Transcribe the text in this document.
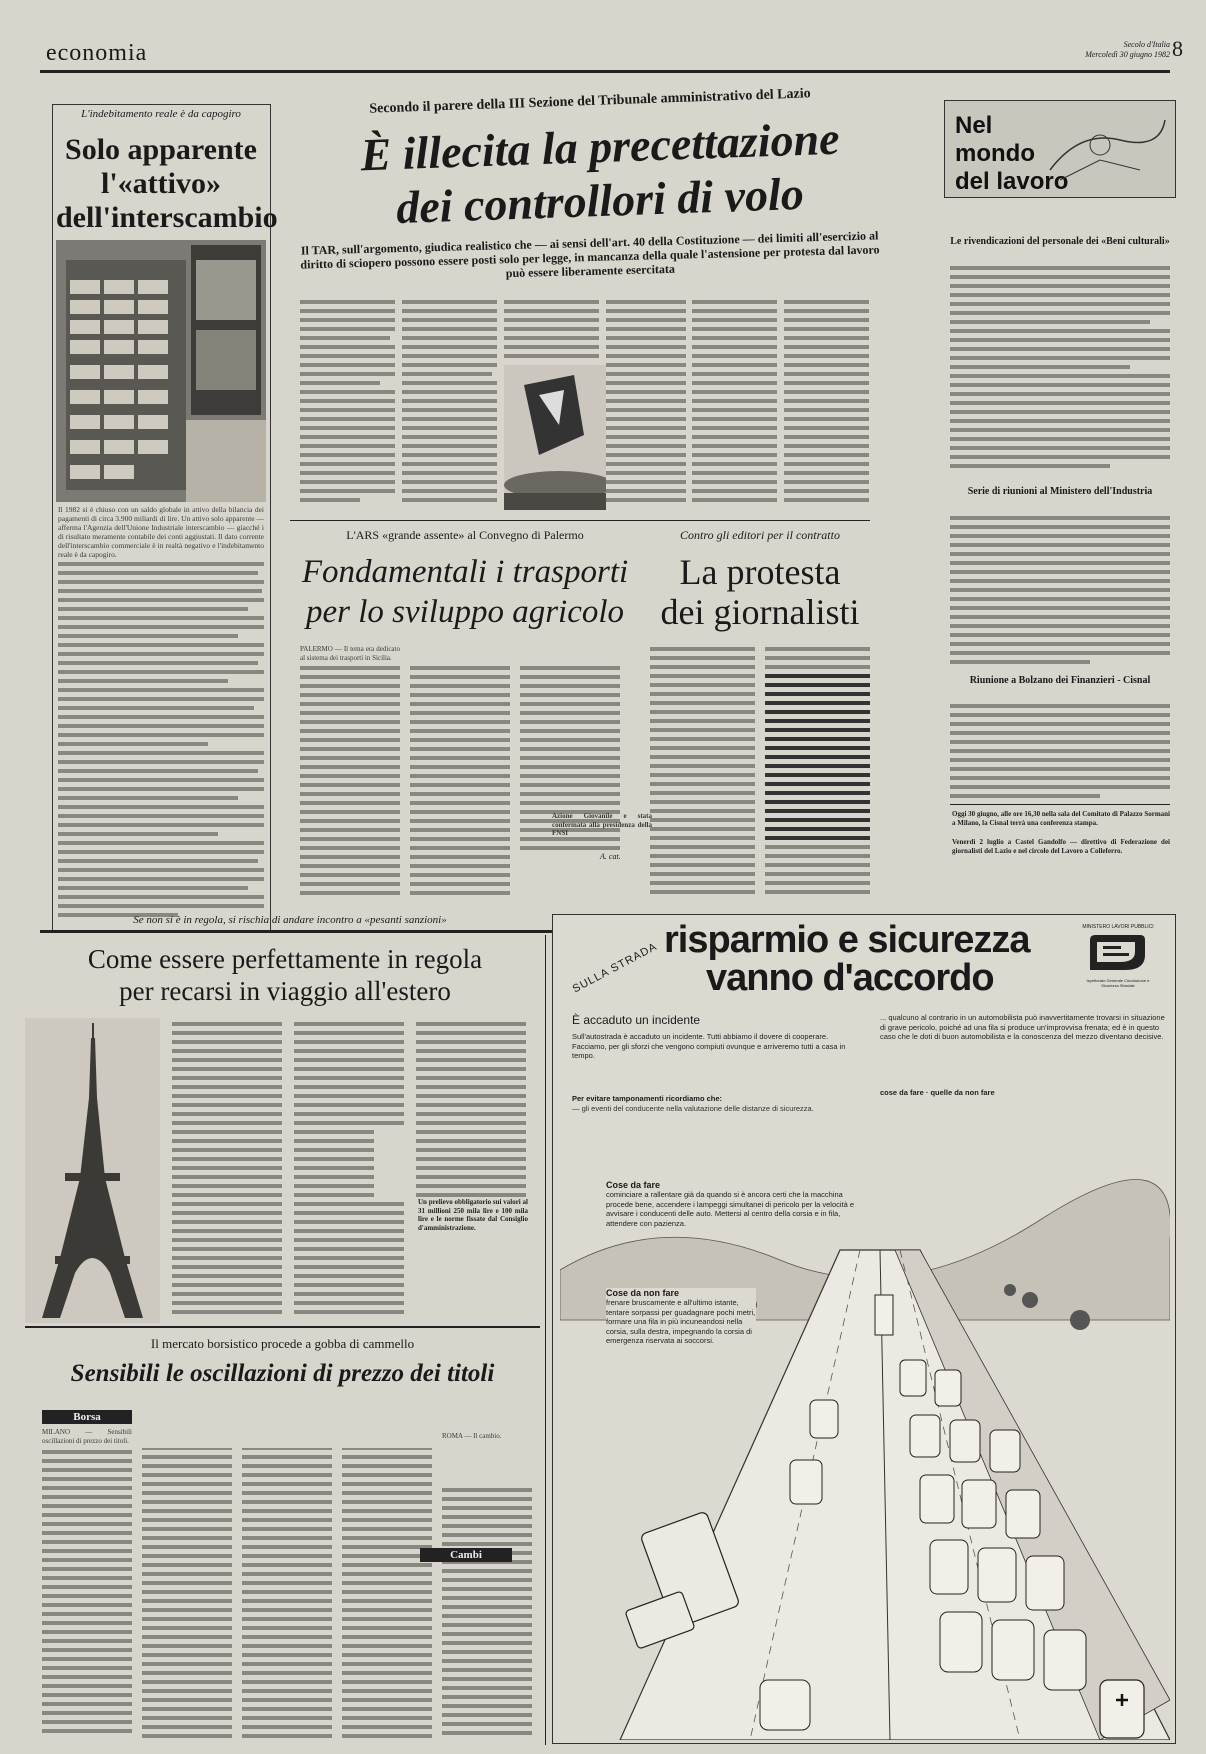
economia	Secolo d'Italia
Mercoledì 30 giugno 1982 8
L'indebitamento reale è da capogiro
Solo apparente
l'«attivo»
dell'interscambio
Il 1982 si è chiuso con un saldo globale in attivo della bilancia dei pagamenti di circa 3.900 miliardi di lire. Un attivo solo apparente — afferma l'Agenzia dell'Unione Industriale interscambio — giacché i di risultato meramente contabile dei conti aggiustati. Il dato corrente dell'interscambio commerciale è in realtà negativo e l'indebitamento reale è da capogiro.
Secondo il parere della III Sezione del Tribunale amministrativo del Lazio
È illecita la precettazione
dei controllori di volo
Il TAR, sull'argomento, giudica realistico che — ai sensi dell'art. 40 della Costituzione — dei limiti all'esercizio al diritto di sciopero possono essere posti solo per legge, in mancanza della quale l'astensione per protesta dal lavoro può essere liberamente esercitata
L'ARS «grande assente» al Convegno di Palermo
Fondamentali i trasporti
per lo sviluppo agricolo
PALERMO — Il tema era dedicato al sistema dei trasporti in Sicilia.
A. cat.
Contro gli editori per il contratto
La protesta
dei giornalisti
Azione Giovanile e stata confermata alla presidenza della FNSI
Nel
mondo
del lavoro
Le rivendicazioni del personale dei «Beni culturali»
Serie di riunioni al Ministero dell'Industria
Riunione a Bolzano dei Finanzieri - Cisnal
Oggi 30 giugno, alle ore 16,30 nella sala del Comitato di Palazzo Sormani a Milano, la Cisnal terrà una conferenza stampa.
Venerdì 2 luglio a Castel Gandolfo — direttivo di Federazione dei giornalisti del Lazio e nel circolo del Lavoro a Colleferro.
Se non si è in regola, si rischia di andare incontro a «pesanti sanzioni»
Come essere perfettamente in regola
per recarsi in viaggio all'estero
Un prelievo obbligatorio sui valori al 31 millioni 250 mila lire e 100 mila lire e le norme fissate dal Consiglio d'amministrazione.
Il mercato borsistico procede a gobba di cammello
Sensibili le oscillazioni di prezzo dei titoli
Borsa
MILANO — Sensibili oscillazioni di prezzo dei titoli.
ROMA — Il cambio.
Cambi
SULLA STRADA
risparmio e sicurezza
vanno d'accordo
MINISTERO LAVORI PUBBLICI
Ispettorato Generale Circolazione e Sicurezza Stradale
È accaduto un incidente
Sull'autostrada è accaduto un incidente. Tutti abbiamo il dovere di cooperare. Facciamo, per gli sforzi che vengono compiuti ovunque e arriveremo tutti a casa in tempo.
Per evitare tamponamenti ricordiamo che:
— gli eventi del conducente nella valutazione delle distanze di sicurezza.
... qualcuno al contrario in un automobilista può inavvertitamente trovarsi in situazione di grave pericolo, poiché ad una fila si produce un'improvvisa frenata; ed è in questo caso che le doti di buon automobilista e la conoscenza del mezzo diventano decisive.
cose da fare · quelle da non fare
Cose da fare
cominciare a rallentare già da quando si è ancora certi che la macchina procede bene, accendere i lampeggi simultanei di pericolo per la velocità e avvisare i conducenti delle auto. Mettersi al centro della corsia e in fila, attendere con pazienza.
Cose da non fare
frenare bruscamente e all'ultimo istante, tentare sorpassi per guadagnare pochi metri, formare una fila in più incuneandosi nella corsia, sulla destra, impegnando la corsia di emergenza riservata ai soccorsi.
